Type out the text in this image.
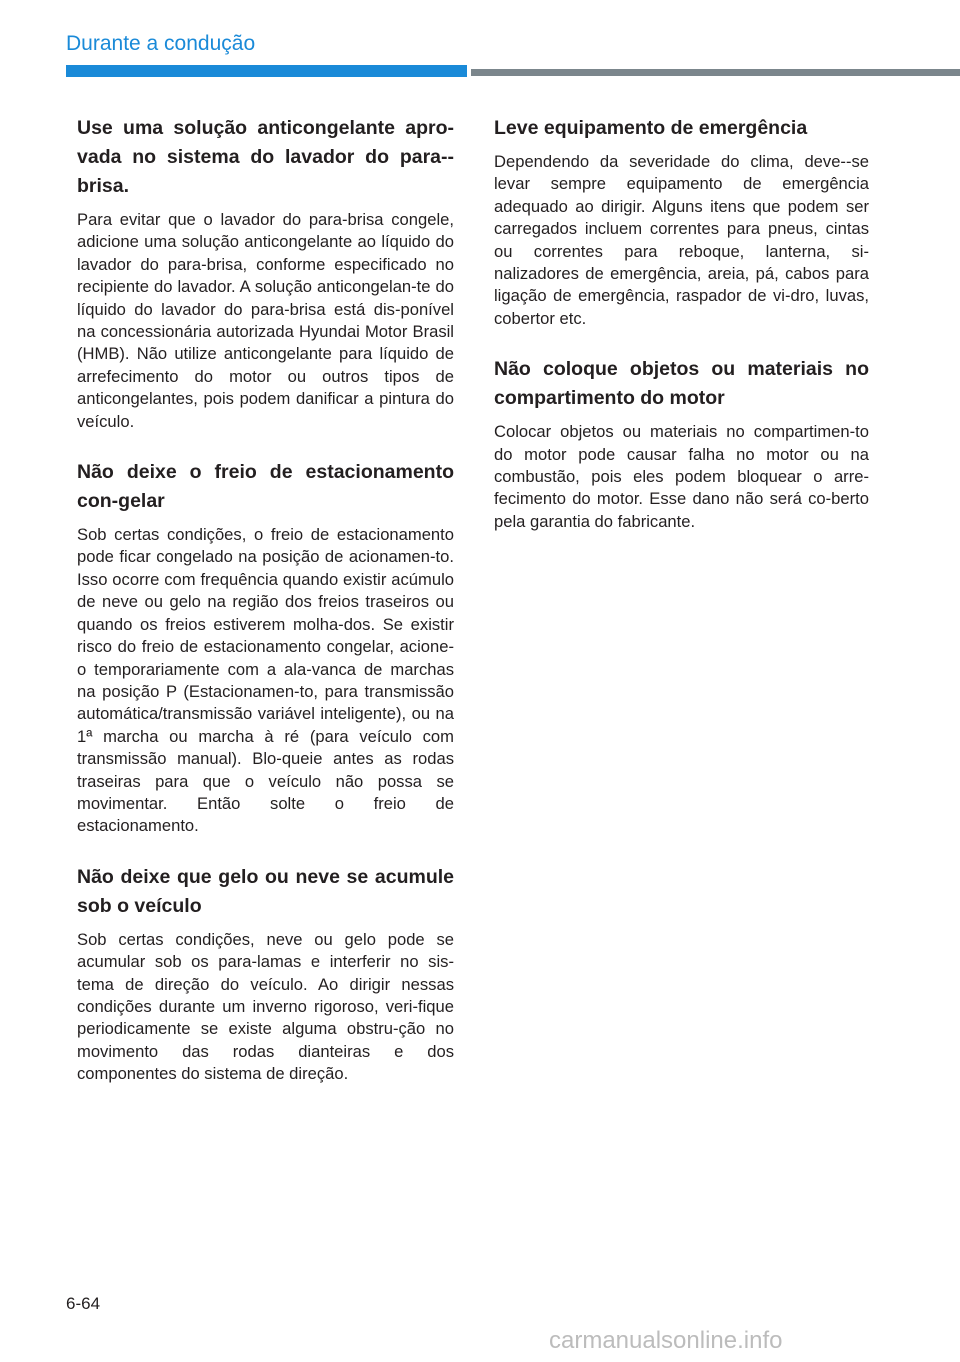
Durante a condução
Use uma solução anticongelante apro-vada no sistema do lavador do para--brisa.

Para evitar que o lavador do para-brisa congele, adicione uma solução anticongelante ao líquido do lavador do para-brisa, conforme especificado no recipiente do lavador. A solução anticongelan-te do líquido do lavador do para-brisa está dis-ponível na concessionária autorizada Hyundai Motor Brasil (HMB). Não utilize anticongelante para líquido de arrefecimento do motor ou outros tipos de anticongelantes, pois podem danificar a pintura do veículo.

Não deixe o freio de estacionamento con-gelar

Sob certas condições, o freio de estacionamento pode ficar congelado na posição de acionamen-to. Isso ocorre com frequência quando existir acúmulo de neve ou gelo na região dos freios traseiros ou quando os freios estiverem molha-dos. Se existir risco do freio de estacionamento congelar, acione-o temporariamente com a ala-vanca de marchas na posição P (Estacionamen-to, para transmissão automática/transmissão variável inteligente), ou na 1ª marcha ou marcha à ré (para veículo com transmissão manual). Blo-queie antes as rodas traseiras para que o veículo não possa se movimentar. Então solte o freio de estacionamento.

Não deixe que gelo ou neve se acumule sob o veículo

Sob certas condições, neve ou gelo pode se acumular sob os para-lamas e interferir no sis-tema de direção do veículo. Ao dirigir nessas condições durante um inverno rigoroso, veri-fique periodicamente se existe alguma obstru-ção no movimento das rodas dianteiras e dos componentes do sistema de direção.

Leve equipamento de emergência

Dependendo da severidade do clima, deve--se levar sempre equipamento de emergência adequado ao dirigir. Alguns itens que podem ser carregados incluem correntes para pneus, cintas ou correntes para reboque, lanterna, si-nalizadores de emergência, areia, pá, cabos para ligação de emergência, raspador de vi-dro, luvas, cobertor etc.

Não coloque objetos ou materiais no compartimento do motor

Colocar objetos ou materiais no compartimen-to do motor pode causar falha no motor ou na combustão, pois eles podem bloquear o arre-fecimento do motor. Esse dano não será co-berto pela garantia do fabricante.

6-64
carmanualsonline.info
